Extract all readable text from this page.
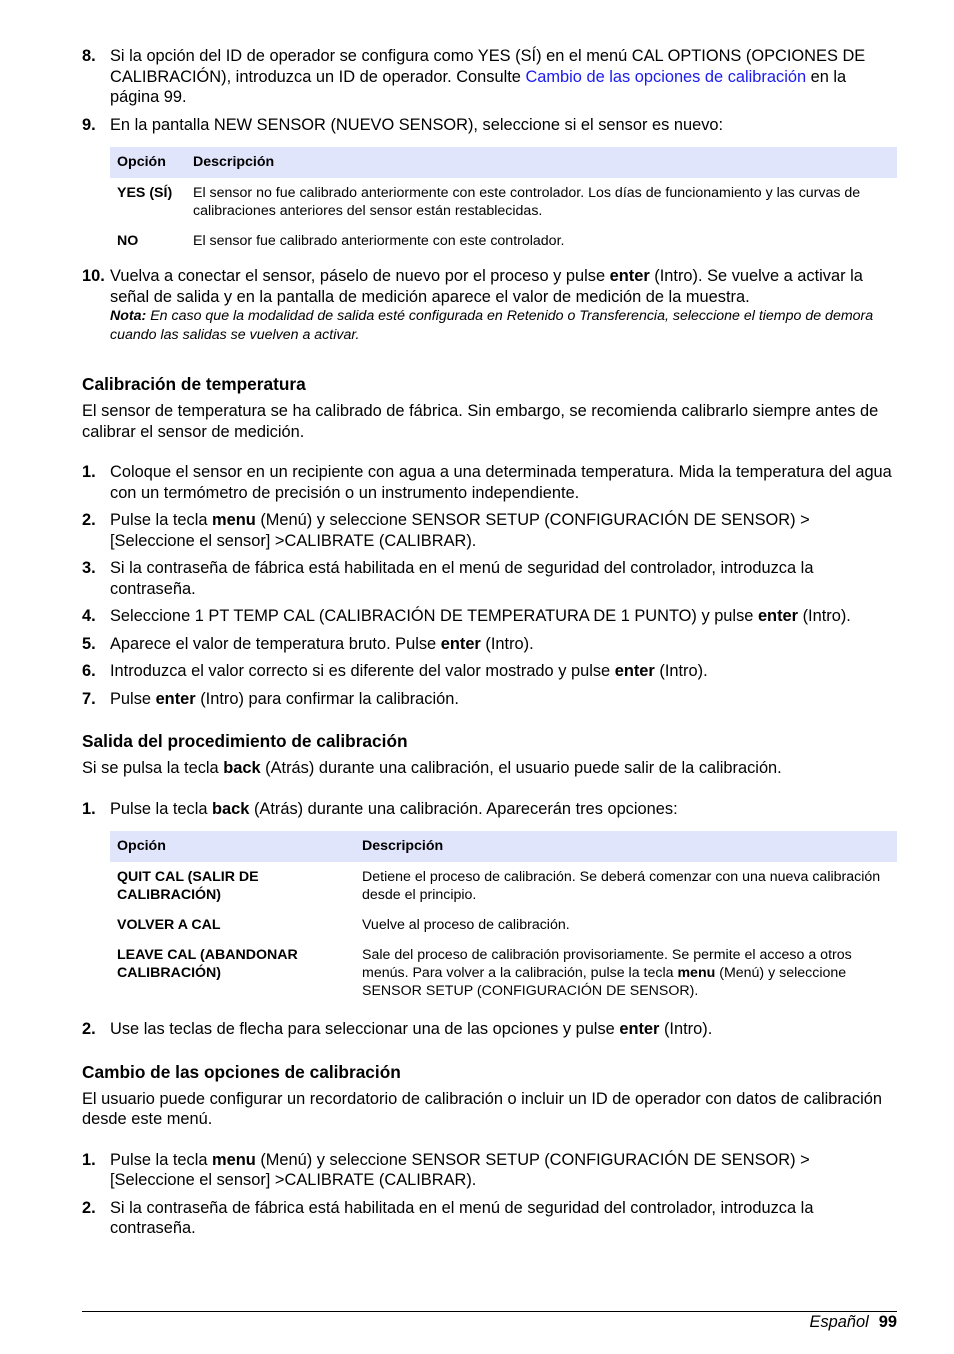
8. Si la opción del ID de operador se configura como YES (SÍ) en el menú CAL OPTIONS (OPCIONES DE CALIBRACIÓN), introduzca un ID de operador. Consulte Cambio de las opciones de calibración en la página 99.
9. En la pantalla NEW SENSOR (NUEVO SENSOR), seleccione si el sensor es nuevo:
Opción	Descripción
YES (SÍ)	El sensor no fue calibrado anteriormente con este controlador. Los días de funcionamiento y las curvas de calibraciones anteriores del sensor están restablecidas.
NO	El sensor fue calibrado anteriormente con este controlador.
10. Vuelva a conectar el sensor, páselo de nuevo por el proceso y pulse enter (Intro). Se vuelve a activar la señal de salida y en la pantalla de medición aparece el valor de medición de la muestra.
Nota: En caso que la modalidad de salida esté configurada en Retenido o Transferencia, seleccione el tiempo de demora cuando las salidas se vuelven a activar.
Calibración de temperatura

El sensor de temperatura se ha calibrado de fábrica. Sin embargo, se recomienda calibrarlo siempre antes de calibrar el sensor de medición.

1. Coloque el sensor en un recipiente con agua a una determinada temperatura. Mida la temperatura del agua con un termómetro de precisión o un instrumento independiente.
2. Pulse la tecla menu (Menú) y seleccione SENSOR SETUP (CONFIGURACIÓN DE SENSOR) > [Seleccione el sensor] >CALIBRATE (CALIBRAR).
3. Si la contraseña de fábrica está habilitada en el menú de seguridad del controlador, introduzca la contraseña.
4. Seleccione 1 PT TEMP CAL (CALIBRACIÓN DE TEMPERATURA DE 1 PUNTO) y pulse enter (Intro).
5. Aparece el valor de temperatura bruto. Pulse enter (Intro).
6. Introduzca el valor correcto si es diferente del valor mostrado y pulse enter (Intro).
7. Pulse enter (Intro) para confirmar la calibración.
Salida del procedimiento de calibración

Si se pulsa la tecla back (Atrás) durante una calibración, el usuario puede salir de la calibración.

1. Pulse la tecla back (Atrás) durante una calibración. Aparecerán tres opciones:
Opción	Descripción
QUIT CAL (SALIR DE CALIBRACIÓN)	Detiene el proceso de calibración. Se deberá comenzar con una nueva calibración desde el principio.
VOLVER A CAL	Vuelve al proceso de calibración.
LEAVE CAL (ABANDONAR CALIBRACIÓN)	Sale del proceso de calibración provisoriamente. Se permite el acceso a otros menús. Para volver a la calibración, pulse la tecla menu (Menú) y seleccione SENSOR SETUP (CONFIGURACIÓN DE SENSOR).
2. Use las teclas de flecha para seleccionar una de las opciones y pulse enter (Intro).
Cambio de las opciones de calibración

El usuario puede configurar un recordatorio de calibración o incluir un ID de operador con datos de calibración desde este menú.

1. Pulse la tecla menu (Menú) y seleccione SENSOR SETUP (CONFIGURACIÓN DE SENSOR) > [Seleccione el sensor] >CALIBRATE (CALIBRAR).
2. Si la contraseña de fábrica está habilitada en el menú de seguridad del controlador, introduzca la contraseña.
Español 99
